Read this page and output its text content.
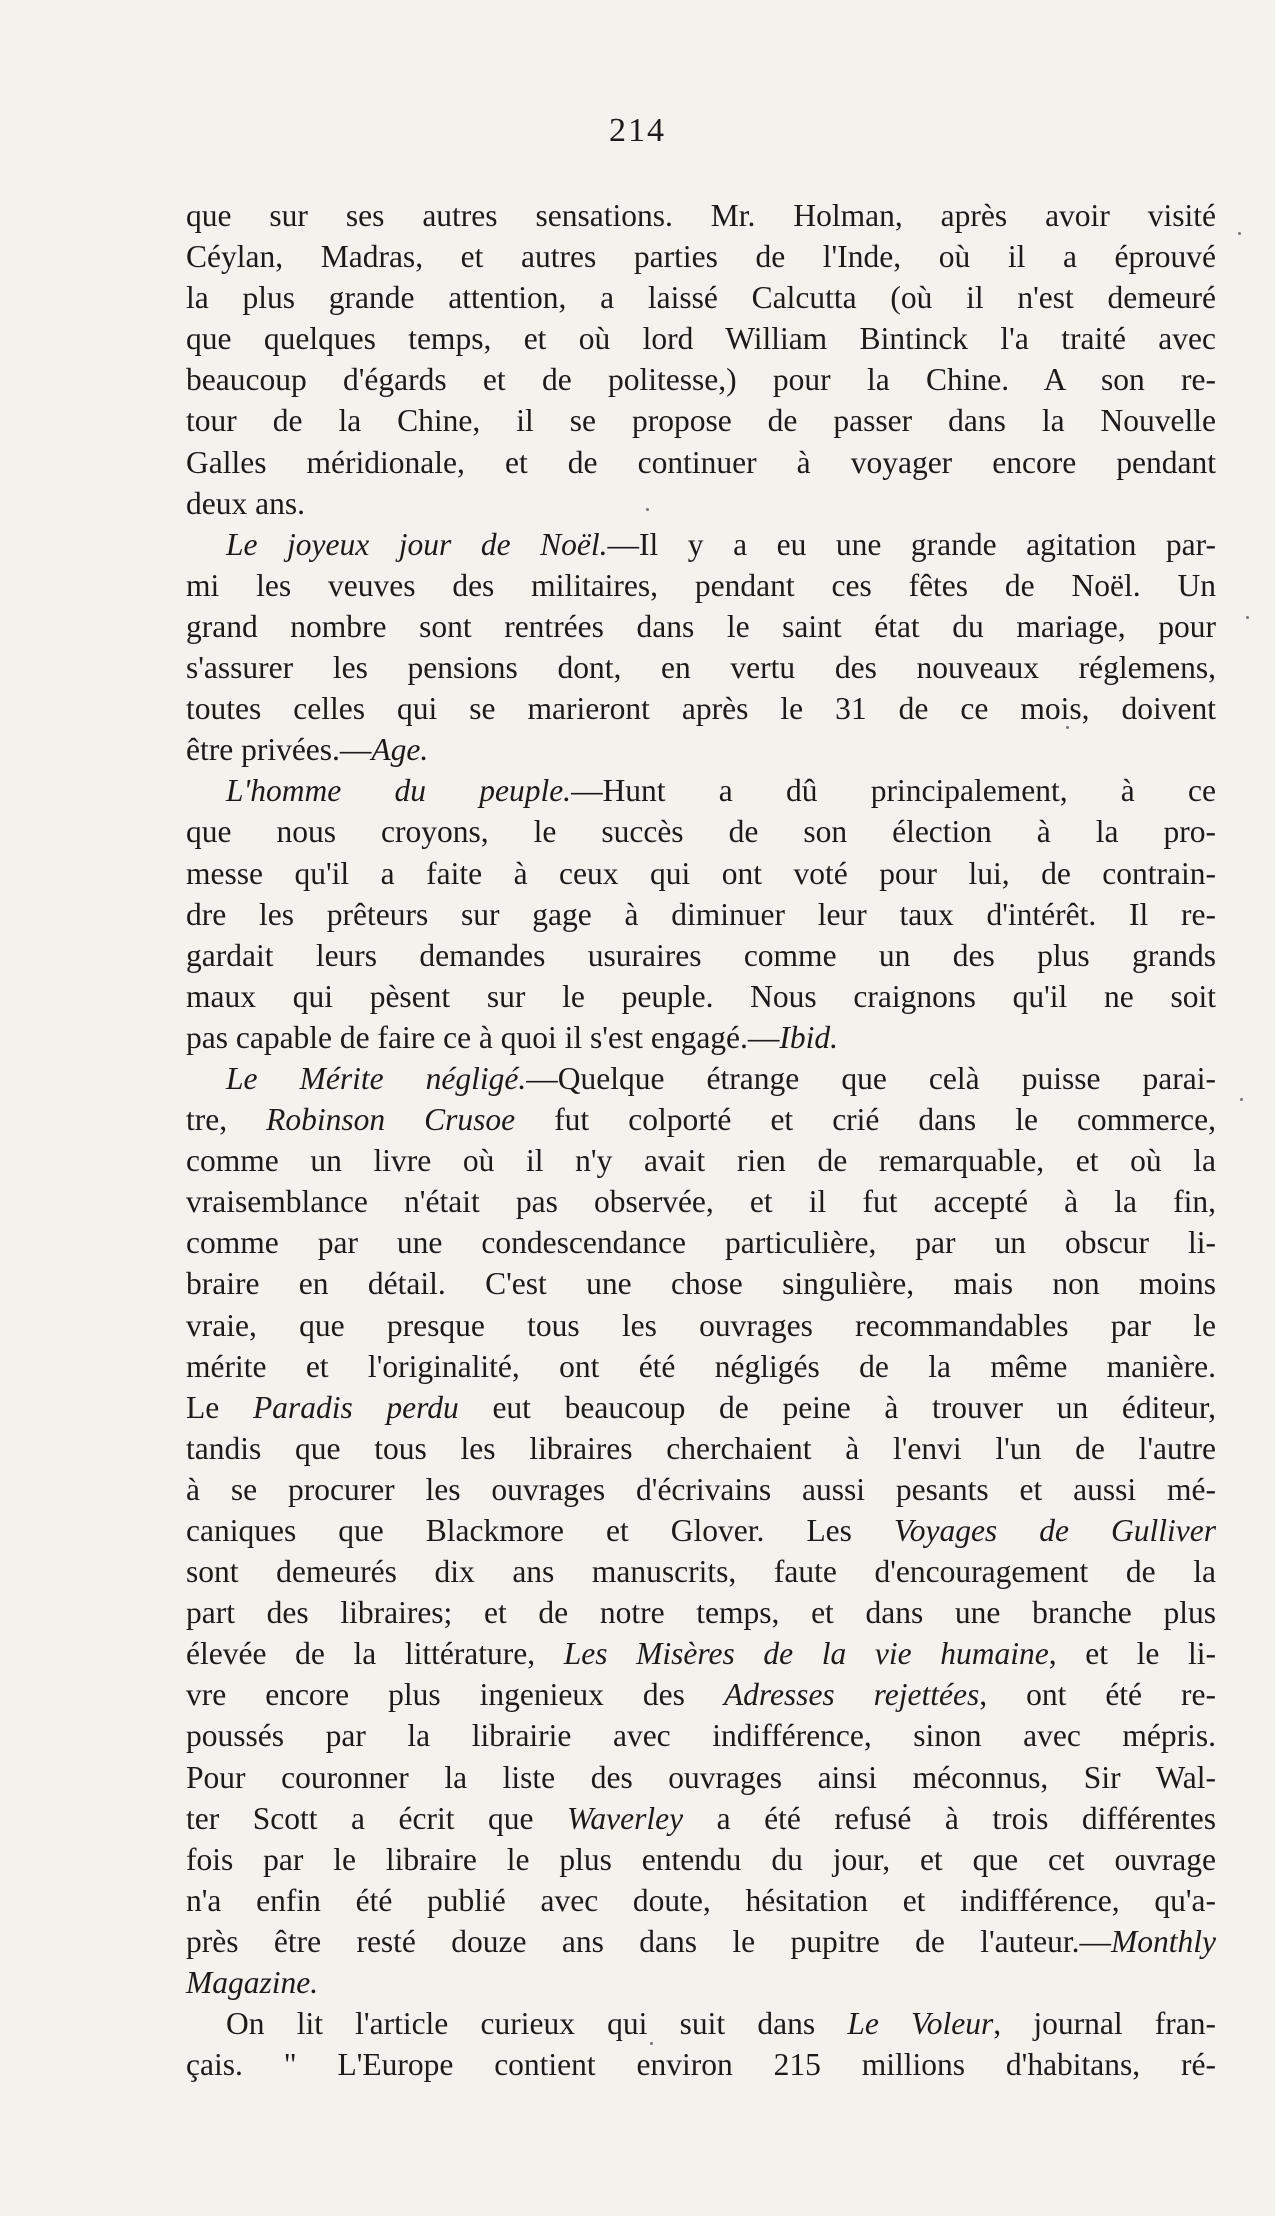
214
que sur ses autres sensations. Mr. Holman, après avoir visité
Céylan, Madras, et autres parties de l'Inde, où il a éprouvé
la plus grande attention, a laissé Calcutta (où il n'est demeuré
que quelques temps, et où lord William Bintinck l'a traité avec
beaucoup d'égards et de politesse,) pour la Chine. A son re-
tour de la Chine, il se propose de passer dans la Nouvelle
Galles méridionale, et de continuer à voyager encore pendant
deux ans.
Le joyeux jour de Noël.—Il y a eu une grande agitation par-
mi les veuves des militaires, pendant ces fêtes de Noël. Un
grand nombre sont rentrées dans le saint état du mariage, pour
s'assurer les pensions dont, en vertu des nouveaux réglemens,
toutes celles qui se marieront après le 31 de ce mois, doivent
être privées.—Age.
L'homme du peuple.—Hunt a dû principalement, à ce
que nous croyons, le succès de son élection à la pro-
messe qu'il a faite à ceux qui ont voté pour lui, de contrain-
dre les prêteurs sur gage à diminuer leur taux d'intérêt. Il re-
gardait leurs demandes usuraires comme un des plus grands
maux qui pèsent sur le peuple. Nous craignons qu'il ne soit
pas capable de faire ce à quoi il s'est engagé.—Ibid.
Le Mérite négligé.—Quelque étrange que celà puisse parai-
tre, Robinson Crusoe fut colporté et crié dans le commerce,
comme un livre où il n'y avait rien de remarquable, et où la
vraisemblance n'était pas observée, et il fut accepté à la fin,
comme par une condescendance particulière, par un obscur li-
braire en détail. C'est une chose singulière, mais non moins
vraie, que presque tous les ouvrages recommandables par le
mérite et l'originalité, ont été négligés de la même manière.
Le Paradis perdu eut beaucoup de peine à trouver un éditeur,
tandis que tous les libraires cherchaient à l'envi l'un de l'autre
à se procurer les ouvrages d'écrivains aussi pesants et aussi mé-
caniques que Blackmore et Glover. Les Voyages de Gulliver
sont demeurés dix ans manuscrits, faute d'encouragement de la
part des libraires; et de notre temps, et dans une branche plus
élevée de la littérature, Les Misères de la vie humaine, et le li-
vre encore plus ingenieux des Adresses rejettées, ont été re-
poussés par la librairie avec indifférence, sinon avec mépris.
Pour couronner la liste des ouvrages ainsi méconnus, Sir Wal-
ter Scott a écrit que Waverley a été refusé à trois différentes
fois par le libraire le plus entendu du jour, et que cet ouvrage
n'a enfin été publié avec doute, hésitation et indifférence, qu'a-
près être resté douze ans dans le pupitre de l'auteur.—Monthly
Magazine.
On lit l'article curieux qui suit dans Le Voleur, journal fran-
çais. " L'Europe contient environ 215 millions d'habitans, ré-
